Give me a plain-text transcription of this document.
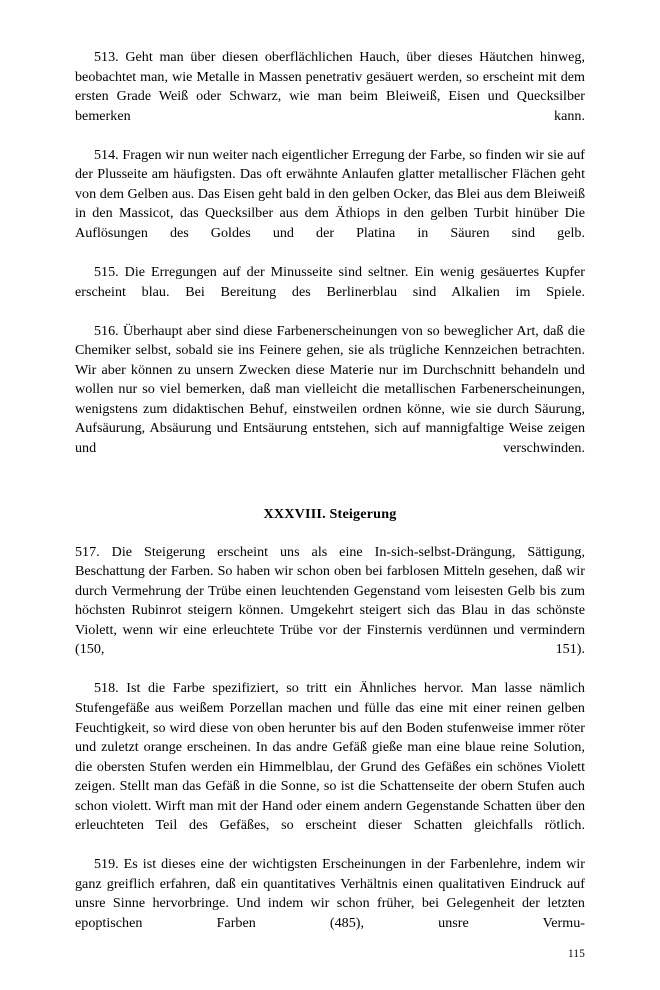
513. Geht man über diesen oberflächlichen Hauch, über dieses Häutchen hinweg, beobachtet man, wie Metalle in Massen penetrativ gesäuert werden, so erscheint mit dem ersten Grade Weiß oder Schwarz, wie man beim Bleiweiß, Eisen und Quecksilber bemerken kann.

514. Fragen wir nun weiter nach eigentlicher Erregung der Farbe, so finden wir sie auf der Plusseite am häufigsten. Das oft erwähnte Anlaufen glatter metallischer Flächen geht von dem Gelben aus. Das Eisen geht bald in den gelben Ocker, das Blei aus dem Bleiweiß in den Massicot, das Quecksilber aus dem Äthiops in den gelben Turbit hinüber Die Auflösungen des Goldes und der Platina in Säuren sind gelb.

515. Die Erregungen auf der Minusseite sind seltner. Ein wenig gesäuertes Kupfer erscheint blau. Bei Bereitung des Berlinerblau sind Alkalien im Spiele.

516. Überhaupt aber sind diese Farbenerscheinungen von so beweglicher Art, daß die Chemiker selbst, sobald sie ins Feinere gehen, sie als trügliche Kennzeichen betrachten. Wir aber können zu unsern Zwecken diese Materie nur im Durchschnitt behandeln und wollen nur so viel bemerken, daß man vielleicht die metallischen Farbenerscheinungen, wenigstens zum didaktischen Behuf, einstweilen ordnen könne, wie sie durch Säurung, Aufsäurung, Absäurung und Entsäurung entstehen, sich auf mannigfaltige Weise zeigen und verschwinden.

XXXVIII. Steigerung

517. Die Steigerung erscheint uns als eine In-sich-selbst-Drängung, Sättigung, Beschattung der Farben. So haben wir schon oben bei farblosen Mitteln gesehen, daß wir durch Vermehrung der Trübe einen leuchtenden Gegenstand vom leisesten Gelb bis zum höchsten Rubinrot steigern können. Umgekehrt steigert sich das Blau in das schönste Violett, wenn wir eine erleuchtete Trübe vor der Finsternis verdünnen und vermindern (150, 151).

518. Ist die Farbe spezifiziert, so tritt ein Ähnliches hervor. Man lasse nämlich Stufengefäße aus weißem Porzellan machen und fülle das eine mit einer reinen gelben Feuchtigkeit, so wird diese von oben herunter bis auf den Boden stufenweise immer röter und zuletzt orange erscheinen. In das andre Gefäß gieße man eine blaue reine Solution, die obersten Stufen werden ein Himmelblau, der Grund des Gefäßes ein schönes Violett zeigen. Stellt man das Gefäß in die Sonne, so ist die Schattenseite der obern Stufen auch schon violett. Wirft man mit der Hand oder einem andern Gegenstande Schatten über den erleuchteten Teil des Gefäßes, so erscheint dieser Schatten gleichfalls rötlich.

519. Es ist dieses eine der wichtigsten Erscheinungen in der Farbenlehre, indem wir ganz greiflich erfahren, daß ein quantitatives Verhältnis einen qualitativen Eindruck auf unsre Sinne hervorbringe. Und indem wir schon früher, bei Gelegenheit der letzten epoptischen Farben (485), unsre Vermu

115
